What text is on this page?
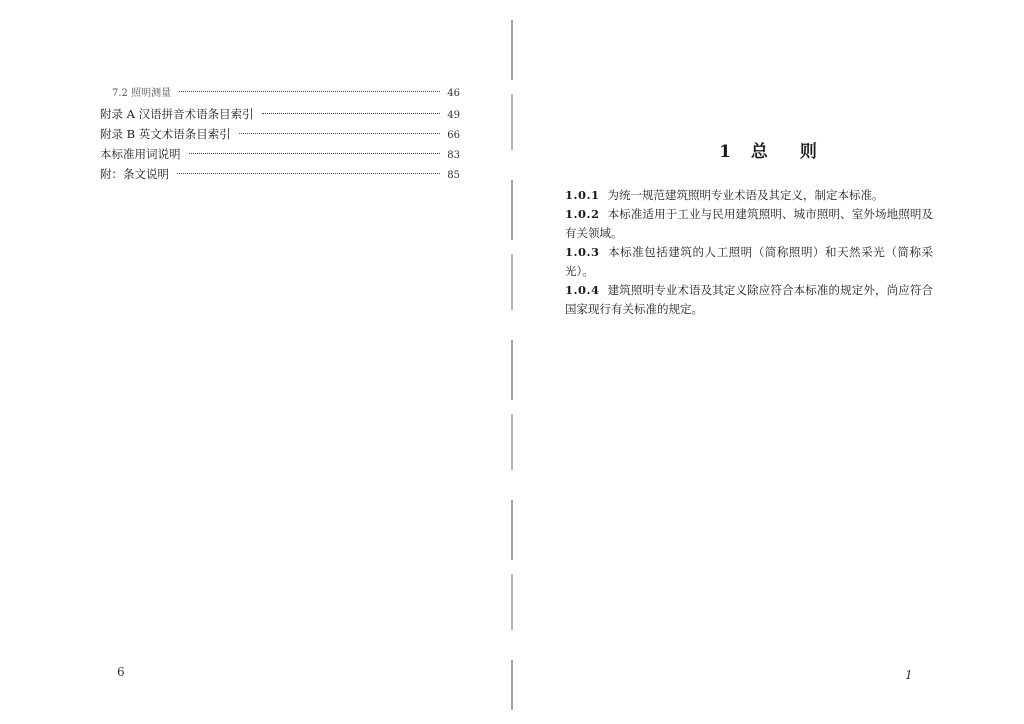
7.2 照明测量	46
附录 A 汉语拼音术语条目索引	49
附录 B 英文术语条目索引	66
本标准用词说明	83
附：条文说明	85
6
1 总 则

1.0.1 为统一规范建筑照明专业术语及其定义，制定本标准。

1.0.2 本标准适用于工业与民用建筑照明、城市照明、室外场地照明及有关领域。

1.0.3 本标准包括建筑的人工照明（简称照明）和天然采光（简称采光）。

1.0.4 建筑照明专业术语及其定义除应符合本标准的规定外，尚应符合国家现行有关标准的规定。

1
